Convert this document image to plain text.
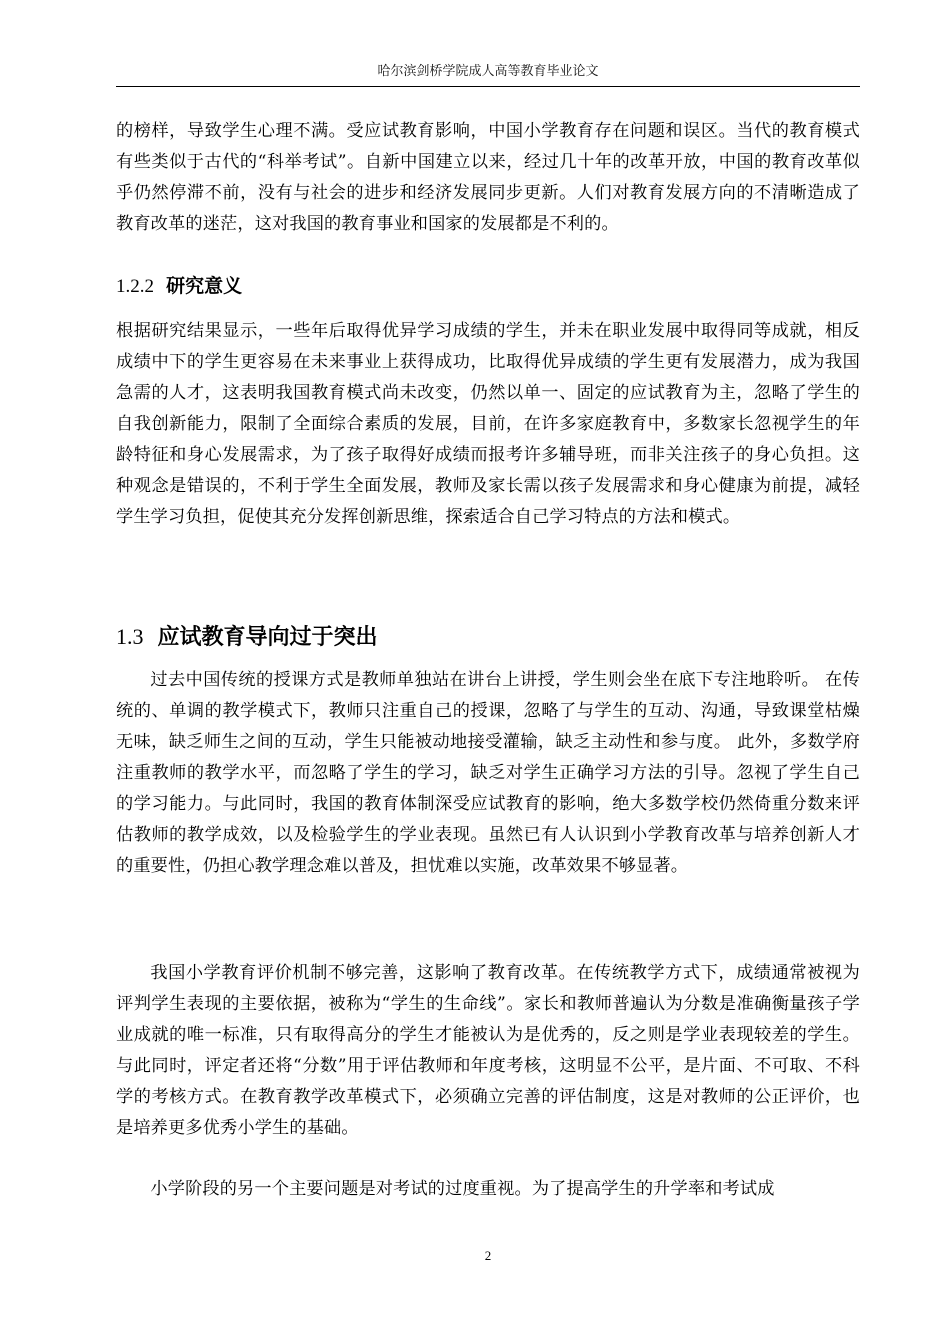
哈尔滨剑桥学院成人高等教育毕业论文

的榜样，导致学生心理不满。受应试教育影响，中国小学教育存在问题和误区。当代的教育模式有些类似于古代的“科举考试”。自新中国建立以来，经过几十年的改革开放，中国的教育改革似乎仍然停滞不前，没有与社会的进步和经济发展同步更新。人们对教育发展方向的不清晰造成了教育改革的迷茫，这对我国的教育事业和国家的发展都是不利的。

1.2.2 研究意义

根据研究结果显示，一些年后取得优异学习成绩的学生，并未在职业发展中取得同等成就，相反成绩中下的学生更容易在未来事业上获得成功，比取得优异成绩的学生更有发展潜力，成为我国急需的人才，这表明我国教育模式尚未改变，仍然以单一、固定的应试教育为主，忽略了学生的自我创新能力，限制了全面综合素质的发展，目前，在许多家庭教育中，多数家长忽视学生的年龄特征和身心发展需求，为了孩子取得好成绩而报考许多辅导班，而非关注孩子的身心负担。这种观念是错误的，不利于学生全面发展，教师及家长需以孩子发展需求和身心健康为前提，减轻学生学习负担，促使其充分发挥创新思维，探索适合自己学习特点的方法和模式。

1.3 应试教育导向过于突出

过去中国传统的授课方式是教师单独站在讲台上讲授，学生则会坐在底下专注地聆听。 在传统的、单调的教学模式下，教师只注重自己的授课，忽略了与学生的互动、沟通，导致课堂枯燥无味，缺乏师生之间的互动，学生只能被动地接受灌输，缺乏主动性和参与度。 此外，多数学府注重教师的教学水平，而忽略了学生的学习，缺乏对学生正确学习方法的引导。忽视了学生自己的学习能力。与此同时，我国的教育体制深受应试教育的影响，绝大多数学校仍然倚重分数来评估教师的教学成效，以及检验学生的学业表现。虽然已有人认识到小学教育改革与培养创新人才的重要性，仍担心教学理念难以普及，担忧难以实施，改革效果不够显著。

我国小学教育评价机制不够完善，这影响了教育改革。在传统教学方式下，成绩通常被视为评判学生表现的主要依据，被称为“学生的生命线”。家长和教师普遍认为分数是准确衡量孩子学业成就的唯一标准，只有取得高分的学生才能被认为是优秀的，反之则是学业表现较差的学生。与此同时，评定者还将“分数”用于评估教师和年度考核，这明显不公平，是片面、不可取、不科学的考核方式。在教育教学改革模式下，必须确立完善的评估制度，这是对教师的公正评价，也是培养更多优秀小学生的基础。

小学阶段的另一个主要问题是对考试的过度重视。为了提高学生的升学率和考试成

2
